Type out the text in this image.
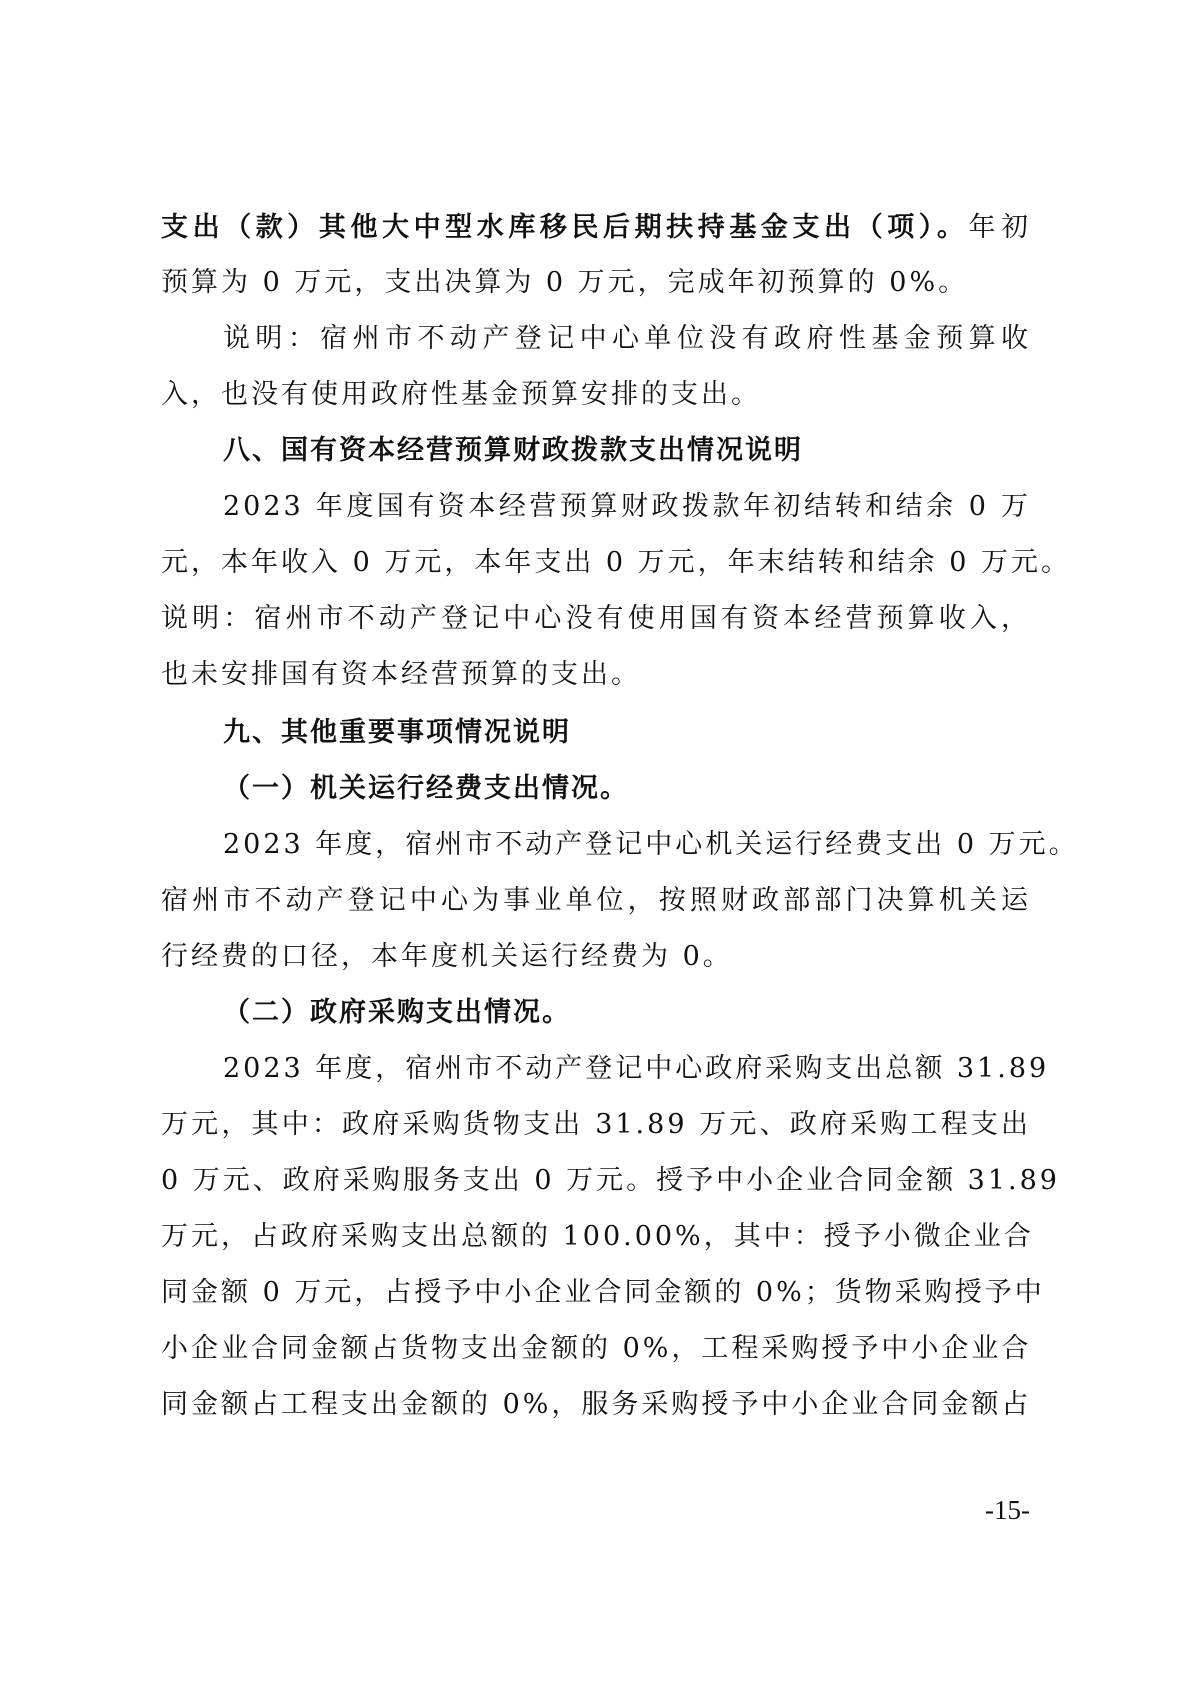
支出（款）其他大中型水库移民后期扶持基金支出（项）。年初
预算为 0 万元，支出决算为 0 万元，完成年初预算的 0%。
说明：宿州市不动产登记中心单位没有政府性基金预算收
入，也没有使用政府性基金预算安排的支出。
八、国有资本经营预算财政拨款支出情况说明
2023 年度国有资本经营预算财政拨款年初结转和结余 0 万
元，本年收入 0 万元，本年支出 0 万元，年末结转和结余 0 万元。
说明：宿州市不动产登记中心没有使用国有资本经营预算收入，
也未安排国有资本经营预算的支出。
九、其他重要事项情况说明
（一）机关运行经费支出情况。
2023 年度，宿州市不动产登记中心机关运行经费支出 0 万元。
宿州市不动产登记中心为事业单位，按照财政部部门决算机关运
行经费的口径，本年度机关运行经费为 0。
（二）政府采购支出情况。
2023 年度，宿州市不动产登记中心政府采购支出总额 31.89
万元，其中：政府采购货物支出 31.89 万元、政府采购工程支出
0 万元、政府采购服务支出 0 万元。授予中小企业合同金额 31.89
万元，占政府采购支出总额的 100.00%，其中：授予小微企业合
同金额 0 万元，占授予中小企业合同金额的 0%；货物采购授予中
小企业合同金额占货物支出金额的 0%，工程采购授予中小企业合
同金额占工程支出金额的 0%，服务采购授予中小企业合同金额占
-15-
